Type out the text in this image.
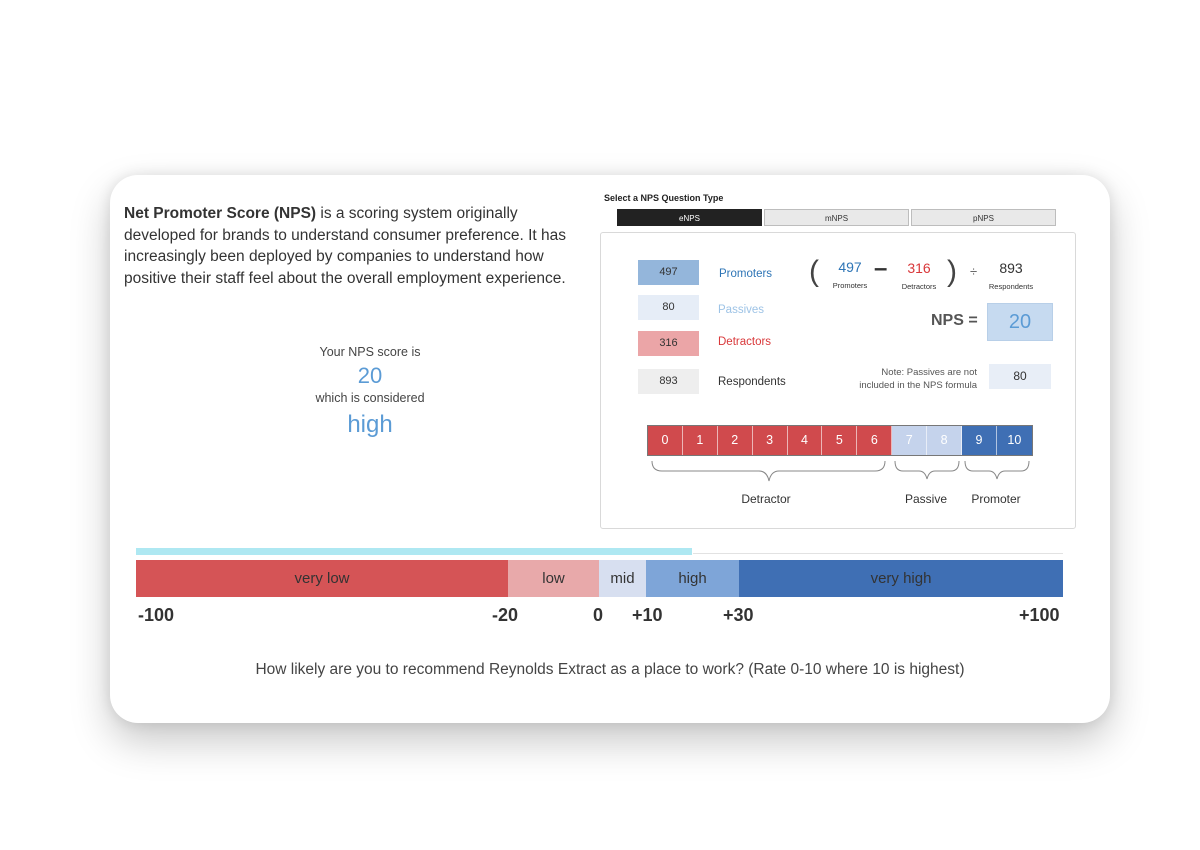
Net Promoter Score (NPS) is a scoring system originally developed for brands to understand consumer preference. It has increasingly been deployed by companies to understand how positive their staff feel about the overall employment experience.
Your NPS score is
20
which is considered
high
Select a NPS Question Type
eNPS	mNPS	pNPS
497	Promoters
80	Passives
316	Detractors
893	Respondents
(	497
Promoters
–	316
Detractors ) ÷	893
Respondents
NPS =	20
Note: Passives are not included in the NPS formula
80
0	1	2	3	4	5	6	7	8	9	10
Detractor	Passive	Promoter
very low	low	mid	high	very high
-100	-20	0 +10	+30	+100
How likely are you to recommend Reynolds Extract as a place to work? (Rate 0-10 where 10 is highest)
